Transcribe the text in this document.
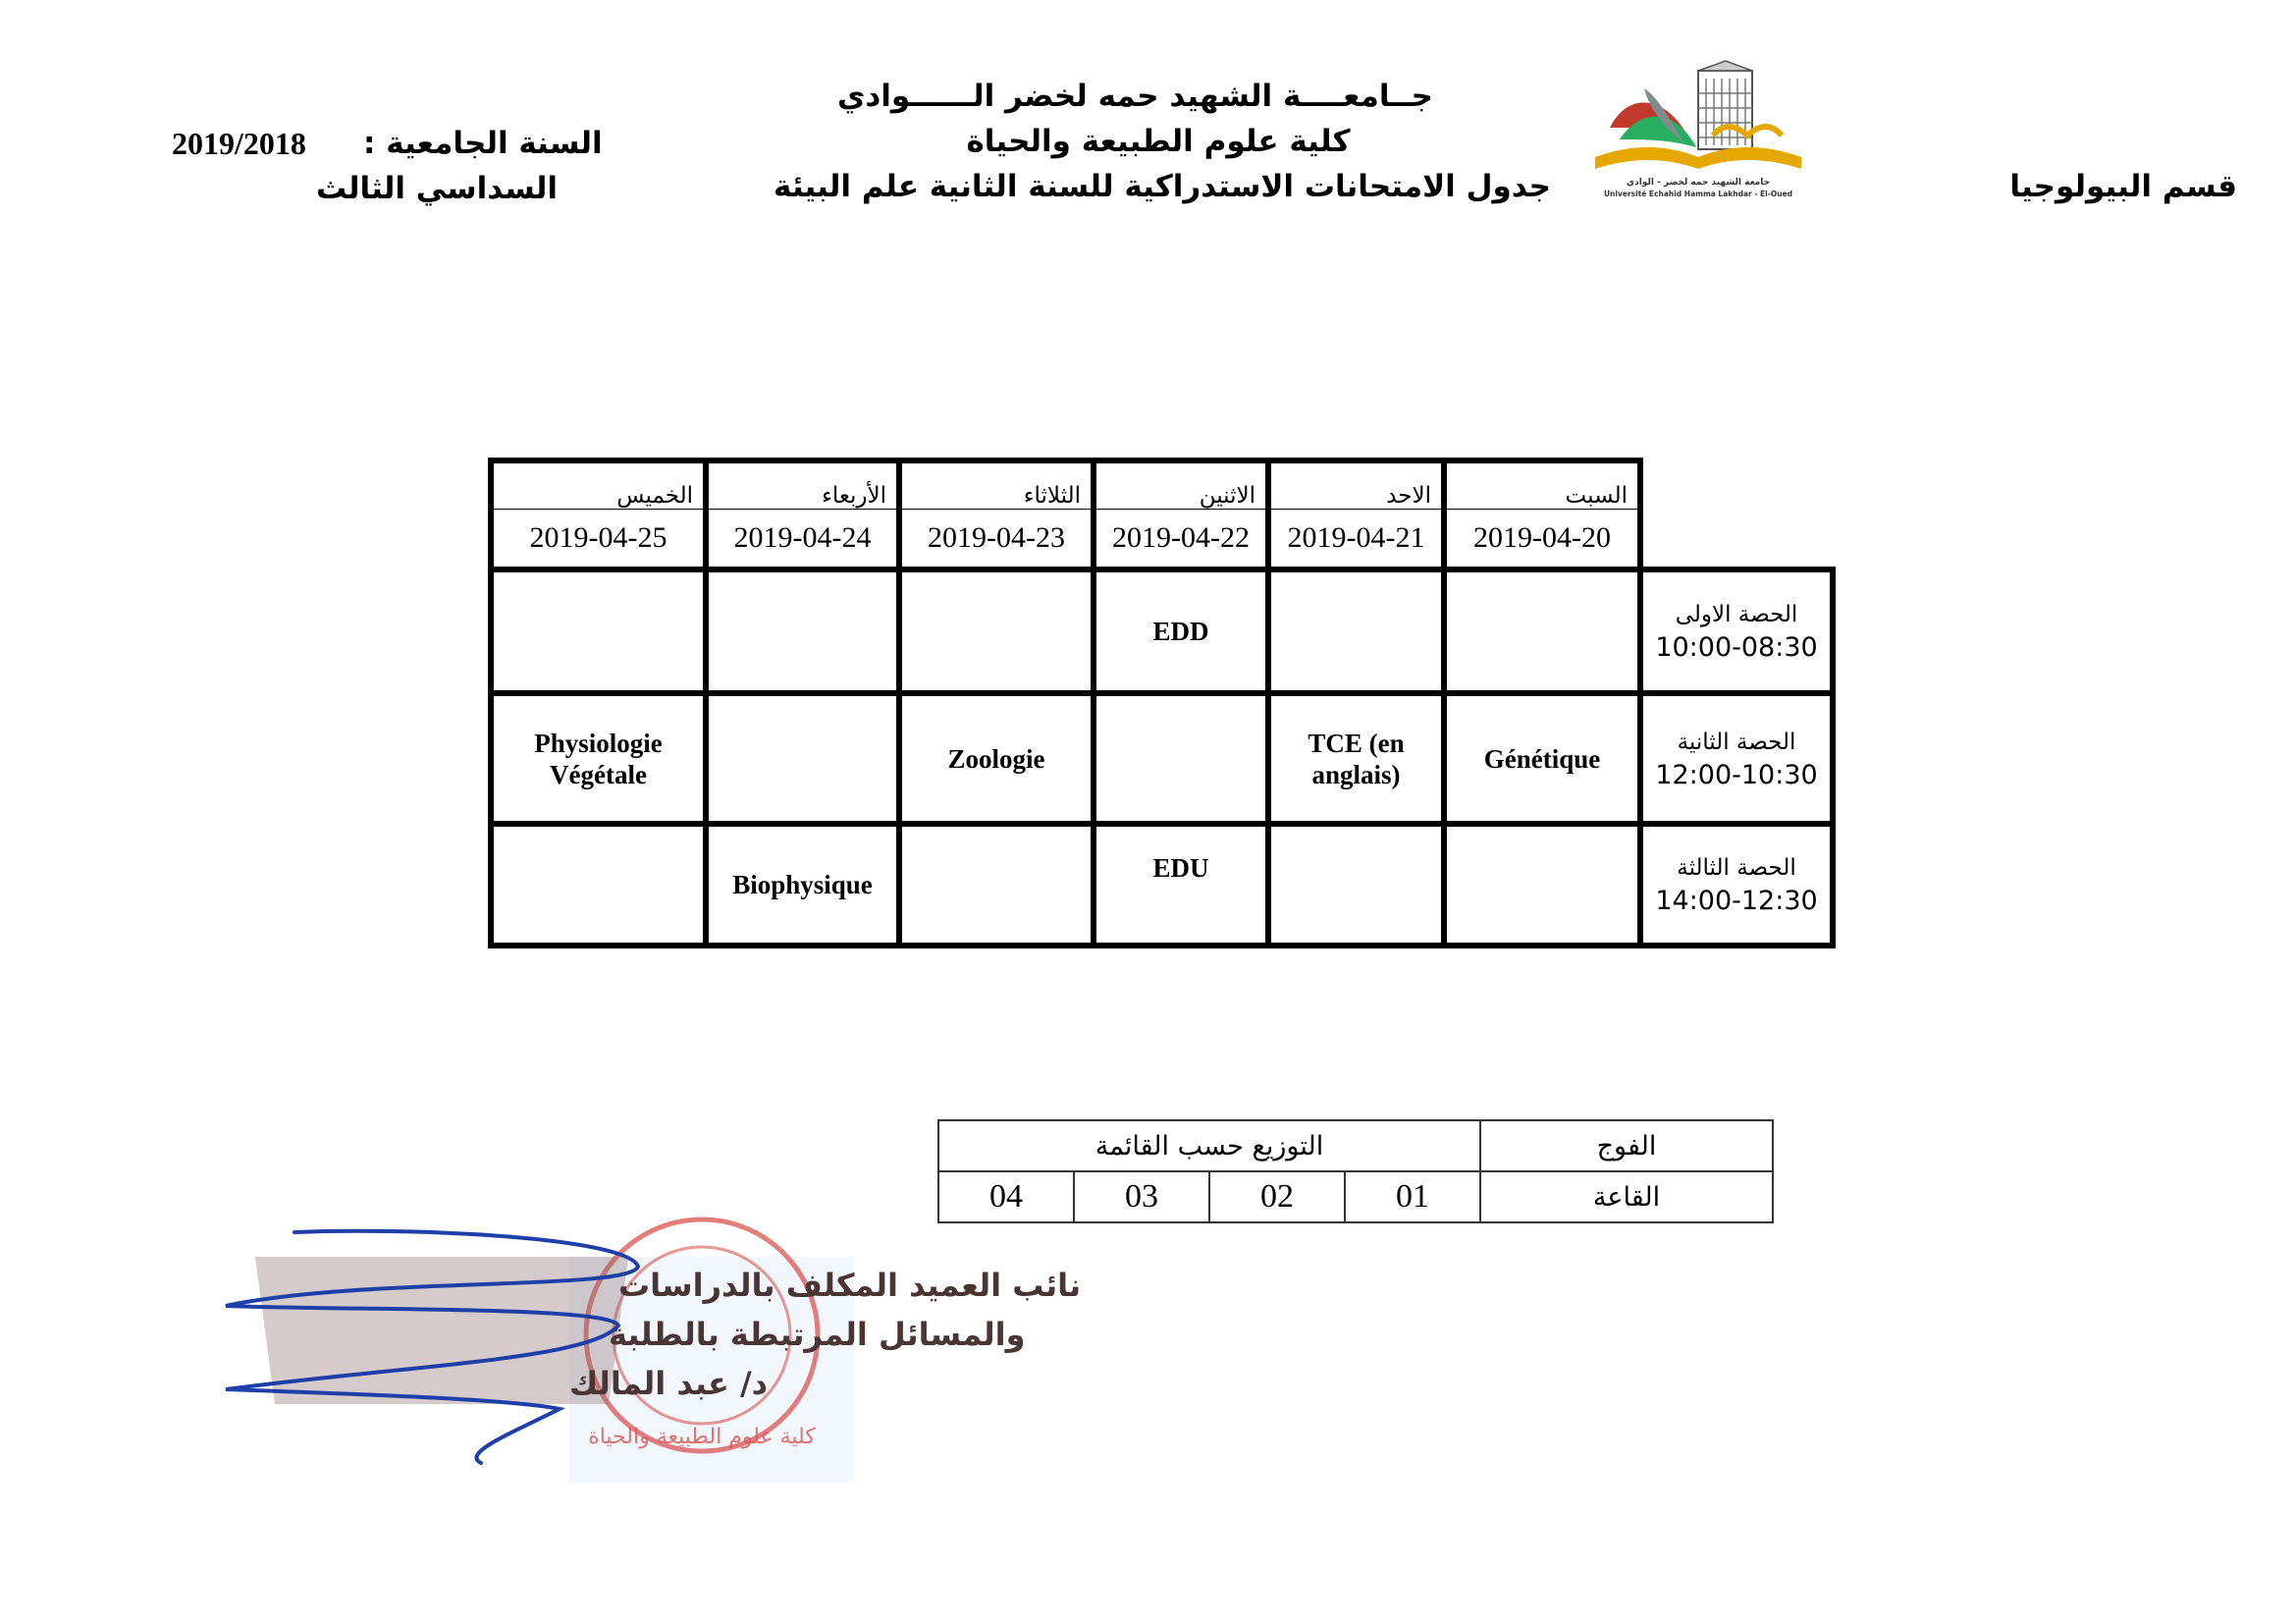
جــامعــــة الشهيد حمه لخضر الــــــوادي
كلية علوم الطبيعة والحياة
جدول الامتحانات الاستدراكية للسنة الثانية علم البيئة	قسم البيولوجيا
السنة الجامعية :
2019/2018
السداسي الثالث	جامعة الشهيد حمه لخضر - الوادي
Université Echahid Hamma Lakhdar - El-Oued
الخميس	الأربعاء	الثلاثاء	الاثنين	الاحد	السبت	
2019-04-25	2019-04-24	2019-04-23	2019-04-22	2019-04-21	2019-04-20	
			EDD			الحصة الاولى
10:00-08:30

Physiologie Végétale		Zoologie		TCE (en anglais)	Génétique	الحصة الثانية
12:00-10:30

	Biophysique		EDU			الحصة الثالثة
14:00-12:30
التوزيع حسب القائمة				الفوج
04	03	02	01	القاعة
كلية علوم الطبيعة والحياة
نائب العميد المكلف بالدراسات
والمسائل المرتبطة بالطلبة
د/ عبد المالك
